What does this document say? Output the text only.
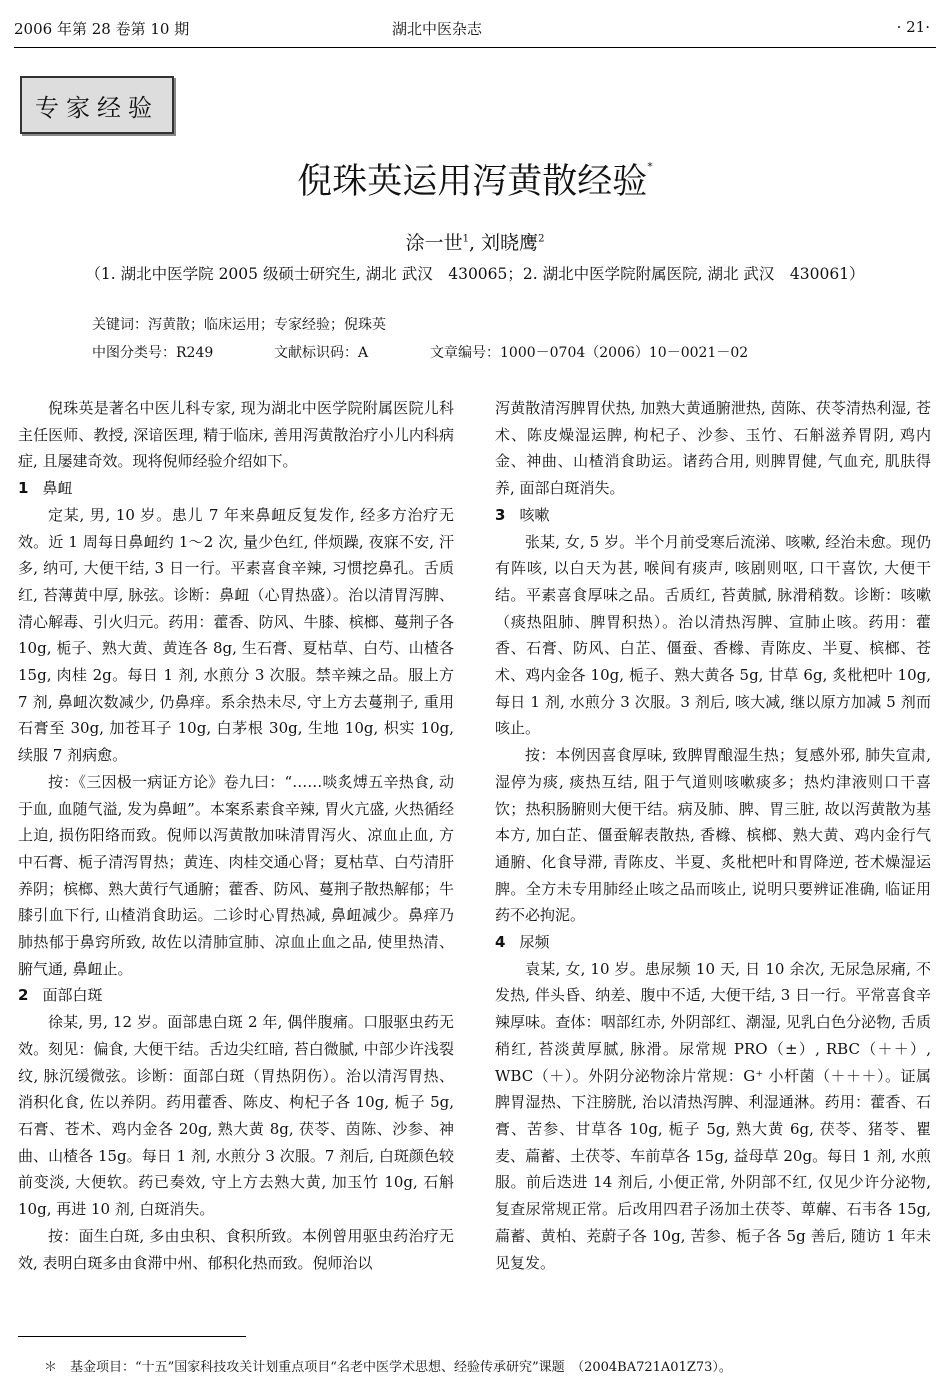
2006 年第 28 卷第 10 期	湖北中医杂志	· 21·
专家经验
倪珠英运用泻黄散经验*
涂一世$^1$, 刘晓鹰$^2$
（1. 湖北中医学院 2005 级硕士研究生, 湖北 武汉　430065；2. 湖北中医学院附属医院, 湖北 武汉　430061）
关键词：泻黄散；临床运用；专家经验；倪珠英
中图分类号：R249	文献标识码：A	文章编号：1000－0704（2006）10－0021－02

倪珠英是著名中医儿科专家, 现为湖北中医学院附属医院儿科主任医师、教授, 深谙医理, 精于临床, 善用泻黄散治疗小儿内科病症, 且屡建奇效。现将倪师经验介绍如下。

1 鼻衄

定某, 男, 10 岁。患儿 7 年来鼻衄反复发作, 经多方治疗无效。近 1 周每日鼻衄约 1～2 次, 量少色红, 伴烦躁, 夜寐不安, 汗多, 纳可, 大便干结, 3 日一行。平素喜食辛辣, 习惯挖鼻孔。舌质红, 苔薄黄中厚, 脉弦。诊断：鼻衄（心胃热盛）。治以清胃泻脾、清心解毒、引火归元。药用：藿香、防风、牛膝、槟榔、蔓荆子各 10g, 栀子、熟大黄、黄连各 8g, 生石膏、夏枯草、白芍、山楂各 15g, 肉桂 2g。每日 1 剂, 水煎分 3 次服。禁辛辣之品。服上方 7 剂, 鼻衄次数减少, 仍鼻痒。系余热未尽, 守上方去蔓荆子, 重用石膏至 30g, 加苍耳子 10g, 白茅根 30g, 生地 10g, 枳实 10g, 续服 7 剂病愈。

按：《三因极一病证方论》卷九曰：“……啖炙煿五辛热食, 动于血, 血随气溢, 发为鼻衄”。本案系素食辛辣, 胃火亢盛, 火热循经上迫, 损伤阳络而致。倪师以泻黄散加味清胃泻火、凉血止血, 方中石膏、栀子清泻胃热；黄连、肉桂交通心肾；夏枯草、白芍清肝养阴；槟榔、熟大黄行气通腑；藿香、防风、蔓荆子散热解郁；牛膝引血下行, 山楂消食助运。二诊时心胃热减, 鼻衄减少。鼻痒乃肺热郁于鼻窍所致, 故佐以清肺宣肺、凉血止血之品, 使里热清、腑气通, 鼻衄止。

2 面部白斑

徐某, 男, 12 岁。面部患白斑 2 年, 偶伴腹痛。口服驱虫药无效。刻见：偏食, 大便干结。舌边尖红暗, 苔白微腻, 中部少许浅裂纹, 脉沉缓微弦。诊断：面部白斑（胃热阴伤）。治以清泻胃热、消积化食, 佐以养阴。药用藿香、陈皮、枸杞子各 10g, 栀子 5g, 石膏、苍术、鸡内金各 20g, 熟大黄 8g, 茯苓、茵陈、沙参、神曲、山楂各 15g。每日 1 剂, 水煎分 3 次服。7 剂后, 白斑颜色较前变淡, 大便软。药已奏效, 守上方去熟大黄, 加玉竹 10g, 石斛 10g, 再进 10 剂, 白斑消失。

按：面生白斑, 多由虫积、食积所致。本例曾用驱虫药治疗无效, 表明白斑多由食滞中州、郁积化热而致。倪师治以

泻黄散清泻脾胃伏热, 加熟大黄通腑泄热, 茵陈、茯苓清热利湿, 苍术、陈皮燥湿运脾, 枸杞子、沙参、玉竹、石斛滋养胃阴, 鸡内金、神曲、山楂消食助运。诸药合用, 则脾胃健, 气血充, 肌肤得养, 面部白斑消失。

3 咳嗽

张某, 女, 5 岁。半个月前受寒后流涕、咳嗽, 经治未愈。现仍有阵咳, 以白天为甚, 喉间有痰声, 咳剧则呕, 口干喜饮, 大便干结。平素喜食厚味之品。舌质红, 苔黄腻, 脉滑稍数。诊断：咳嗽（痰热阻肺、脾胃积热）。治以清热泻脾、宣肺止咳。药用：藿香、石膏、防风、白芷、僵蚕、香橼、青陈皮、半夏、槟榔、苍术、鸡内金各 10g, 栀子、熟大黄各 5g, 甘草 6g, 炙枇杷叶 10g, 每日 1 剂, 水煎分 3 次服。3 剂后, 咳大减, 继以原方加减 5 剂而咳止。

按：本例因喜食厚味, 致脾胃酿湿生热；复感外邪, 肺失宣肃, 湿停为痰, 痰热互结, 阻于气道则咳嗽痰多；热灼津液则口干喜饮；热积肠腑则大便干结。病及肺、脾、胃三脏, 故以泻黄散为基本方, 加白芷、僵蚕解表散热, 香橼、槟榔、熟大黄、鸡内金行气通腑、化食导滞, 青陈皮、半夏、炙枇杷叶和胃降逆, 苍术燥湿运脾。全方未专用肺经止咳之品而咳止, 说明只要辨证准确, 临证用药不必拘泥。

4 尿频

袁某, 女, 10 岁。患尿频 10 天, 日 10 余次, 无尿急尿痛, 不发热, 伴头昏、纳差、腹中不适, 大便干结, 3 日一行。平常喜食辛辣厚味。查体：咽部红赤, 外阴部红、潮湿, 见乳白色分泌物, 舌质稍红, 苔淡黄厚腻, 脉滑。尿常规 PRO（±）, RBC（＋＋）, WBC（＋）。外阴分泌物涂片常规：G⁺ 小杆菌（＋＋＋）。证属脾胃湿热、下注膀胱, 治以清热泻脾、利湿通淋。药用：藿香、石膏、苦参、甘草各 10g, 栀子 5g, 熟大黄 6g, 茯苓、猪苓、瞿麦、萹蓄、土茯苓、车前草各 15g, 益母草 20g。每日 1 剂, 水煎服。前后迭进 14 剂后, 小便正常, 外阴部不红, 仅见少许分泌物, 复查尿常规正常。后改用四君子汤加土茯苓、萆薢、石韦各 15g, 萹蓄、黄柏、茺蔚子各 10g, 苦参、栀子各 5g 善后, 随访 1 年未见复发。

＊　基金项目：“十五”国家科技攻关计划重点项目“名老中医学术思想、经验传承研究”课题　（2004BA721A01Z73）。
